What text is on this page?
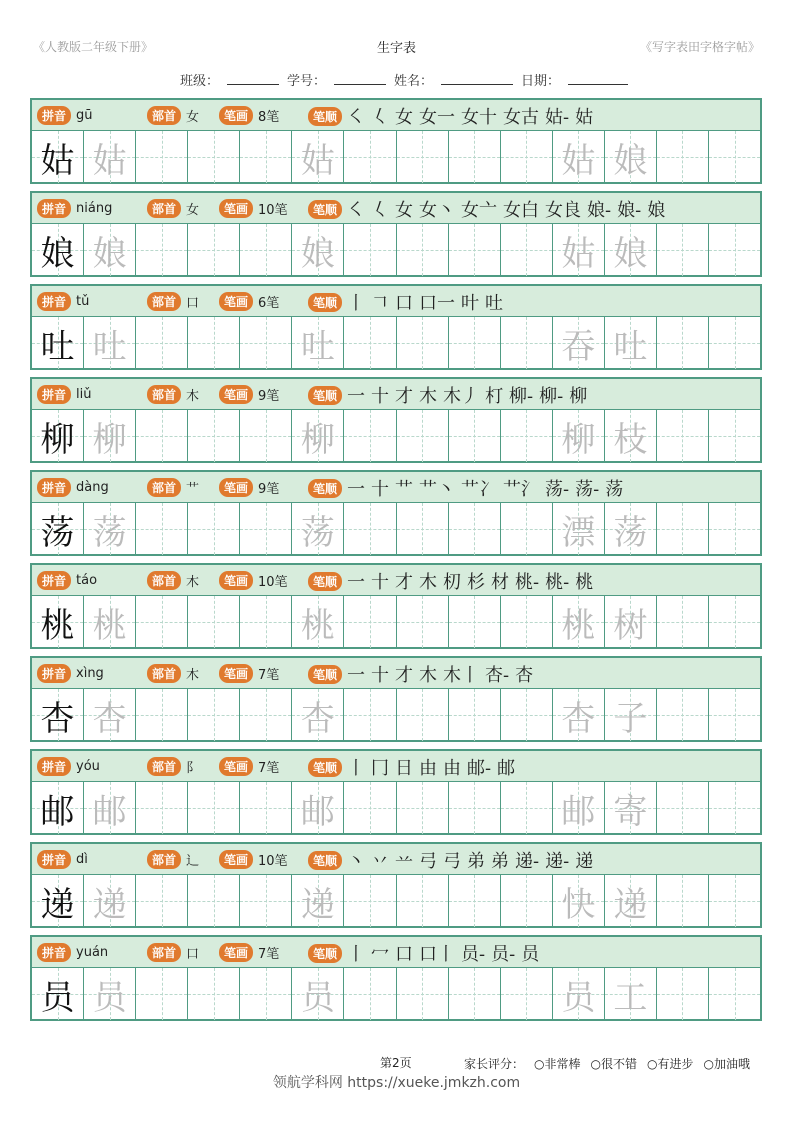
《人教版二年级下册》	生字表	《写字表田字格字帖》
班级：	学号：	姓名：	日期：
拼音 gū	部首 女	笔画 8笔	笔顺 ㇛ 𡿨 女 女一 女十 女古 姑- 姑
姑 姑	姑	姑 娘
拼音 niáng	部首 女	笔画 10笔	笔顺 ㇛ 𡿨 女 女丶 女亠 女白 女良 娘- 娘- 娘
娘 娘	娘	姑 娘
拼音 tǔ	部首 口	笔画 6笔	笔顺 丨 𠃍 口 口一 叶 吐
吐 吐	吐	吞 吐
拼音 liǔ	部首 木	笔画 9笔	笔顺 一 十 才 木 木丿 朾 柳- 柳- 柳
柳 柳	柳	柳 枝
拼音 dàng	部首 艹	笔画 9笔	笔顺 一 十 艹 艹丶 艹冫 艹氵 荡- 荡- 荡
荡 荡	荡	漂 荡
拼音 táo	部首 木	笔画 10笔	笔顺 一 十 才 木 朷 杉 材 桃- 桃- 桃
桃 桃	桃	桃 树
拼音 xìng	部首 木	笔画 7笔	笔顺 一 十 才 木 木丨 杏- 杏
杏 杏	杏	杏 子
拼音 yóu	部首 阝	笔画 7笔	笔顺 丨 冂 日 由 由 邮- 邮
邮 邮	邮	邮 寄
拼音 dì	部首 辶	笔画 10笔	笔顺 丶 丷 䒑 弓 弓 弟 弟 递- 递- 递
递 递	递	快 递
拼音 yuán	部首 口	笔画 7笔	笔顺 丨 冖 口 口丨 员- 员- 员
员 员	员	员 工
第2页	家长评分： ○非常棒 ○很不错 ○有进步 ○加油哦
领航学科网 https://xueke.jmkzh.com
